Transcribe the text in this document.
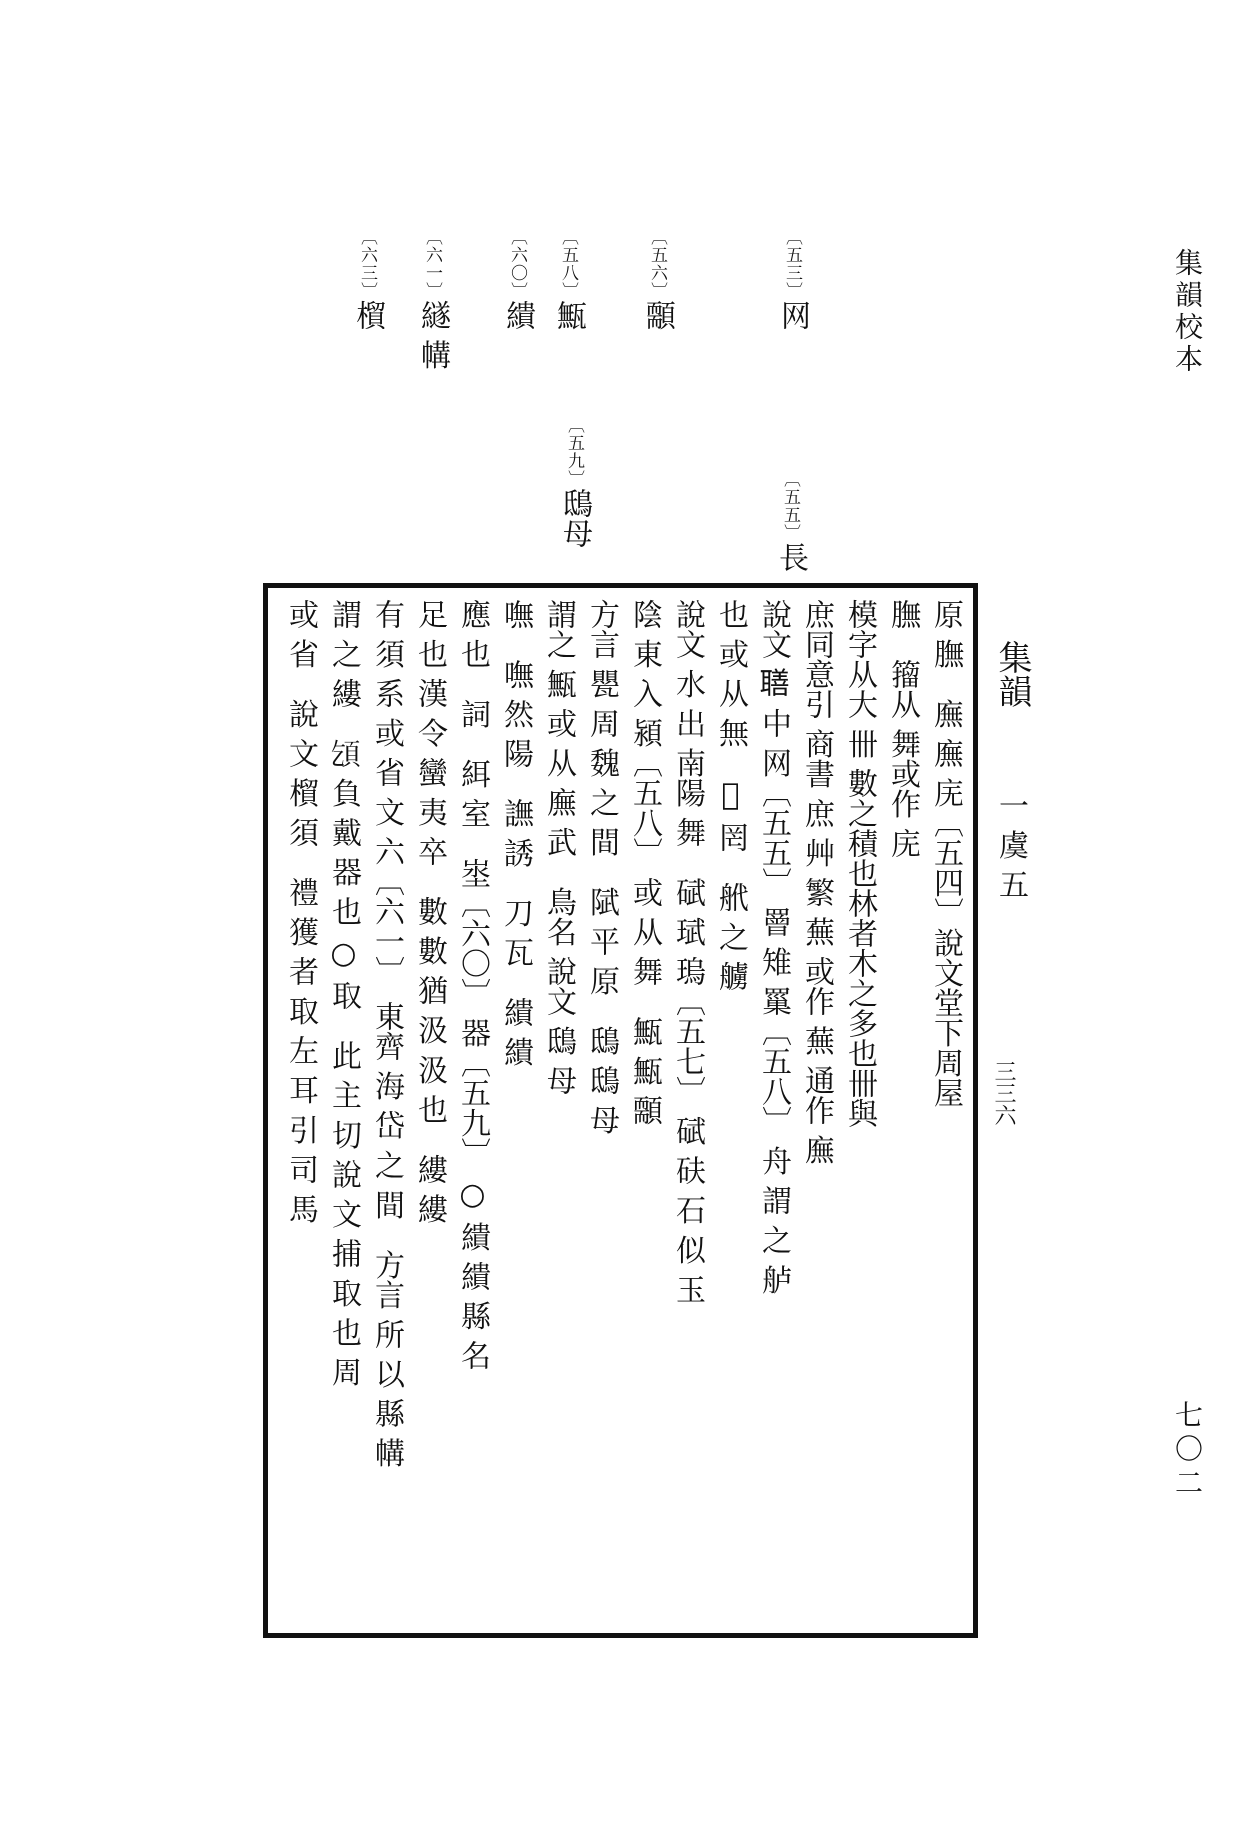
集韻校本
七〇二
〔五三〕网
〔五五〕長
〔五六〕䫱
〔五八〕甒
〔五九〕鴟母
〔六〇〕繢
〔六一〕繸 㡚
〔六三〕橮
集韻
一 虞 五
三三六
原 膴　廡 廡 庑〔五四〕說文堂下周屋
膴　籀从 舞或作 庑
模字从大 卌 數之積也林者木之多也卌與
庶同意引 商書 庶 艸 繁 蕪 或作 蕪 通作 廡
說文 𦗢 中 网〔五五〕 罾 雉 罺〔五八〕 舟 謂 之 舻
也 或 从 無　𦊟 罔　𦨮 之 艣
說文 水 出 南陽 舞　碔 珷 瑦〔五七〕 碔 砆 石 似 玉
陰 東 入 潁〔五八〕 或 从 舞　甒 甒 䫱
方言 甖 周 魏 之 間　陚 平 原　鴟 鴟 母
謂之 甒 或 从 廡 武　鳥名 說文 鴟 母
嘸　嘸 然 陽　譕 誘　刀 瓦　繢 繢
應 也　詞　䋙 室　埊〔六〇〕 器〔五九〕 ○ 繢 繢 縣 名
足 也 漢 令 蠻 夷 卒　數 數 猶 汲 汲 也　縷 縷
有 須 系 或 省 文 六〔六一〕　東齊 海 岱 之 間　方言 所 以 縣 㡚
謂 之 縷　𩑔 負 戴 器 也 ○ 取　此 主 切 說 文 捕 取 也 周
或 省　說 文 橮 須　禮 獲 者 取 左 耳 引 司 馬
